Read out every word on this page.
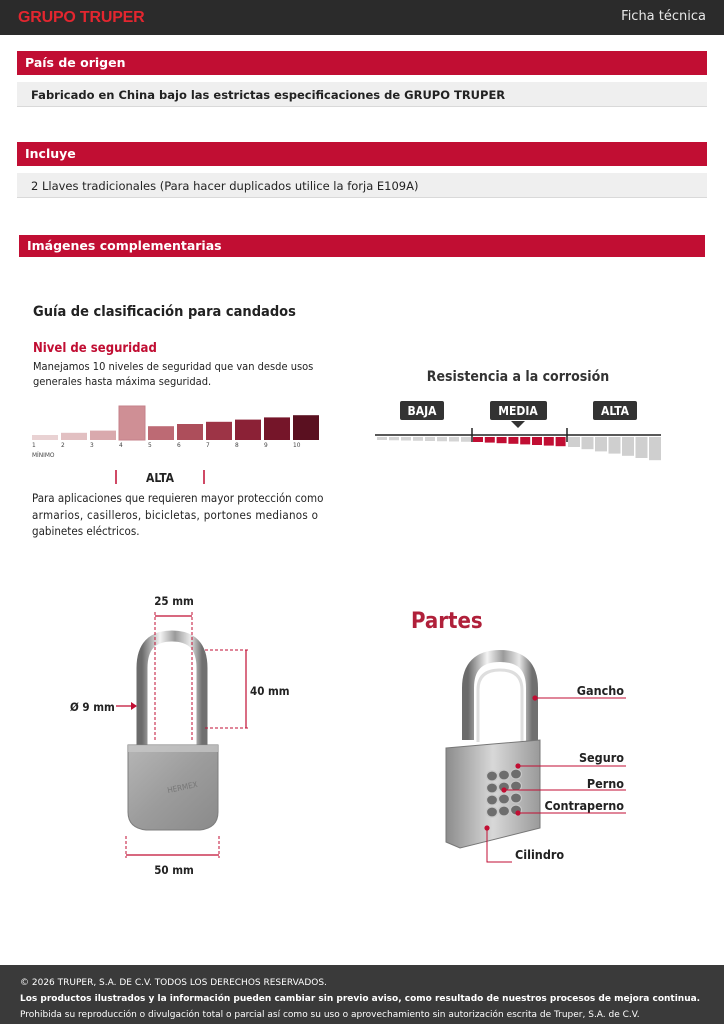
GRUPO TRUPER	Ficha técnica
País de origen
Fabricado en China bajo las estrictas especificaciones de GRUPO TRUPER
Incluye
2 Llaves tradicionales (Para hacer duplicados utilice la forja E109A)
Imágenes complementarias
Guía de clasificación para candados
Nivel de seguridad
Manejamos 10 niveles de seguridad que van desde usos
generales hasta máxima seguridad.
1	2	3	4	5	6	7	8	9	10
MÍNIMO
ALTA
Para aplicaciones que requieren mayor protección como
armarios, casilleros, bicicletas, portones medianos o
gabinetes eléctricos.
Resistencia a la corrosión
BAJA	MEDIA	ALTA
HERMEX
25 mm
40 mm
Ø 9 mm
50 mm
Partes
Gancho
Seguro
Perno
Contraperno
Cilindro
© 2026 TRUPER, S.A. DE C.V. TODOS LOS DERECHOS RESERVADOS.
Los productos ilustrados y la información pueden cambiar sin previo aviso, como resultado de nuestros procesos de mejora continua.
Prohibida su reproducción o divulgación total o parcial así como su uso o aprovechamiento sin autorización escrita de Truper, S.A. de C.V.
